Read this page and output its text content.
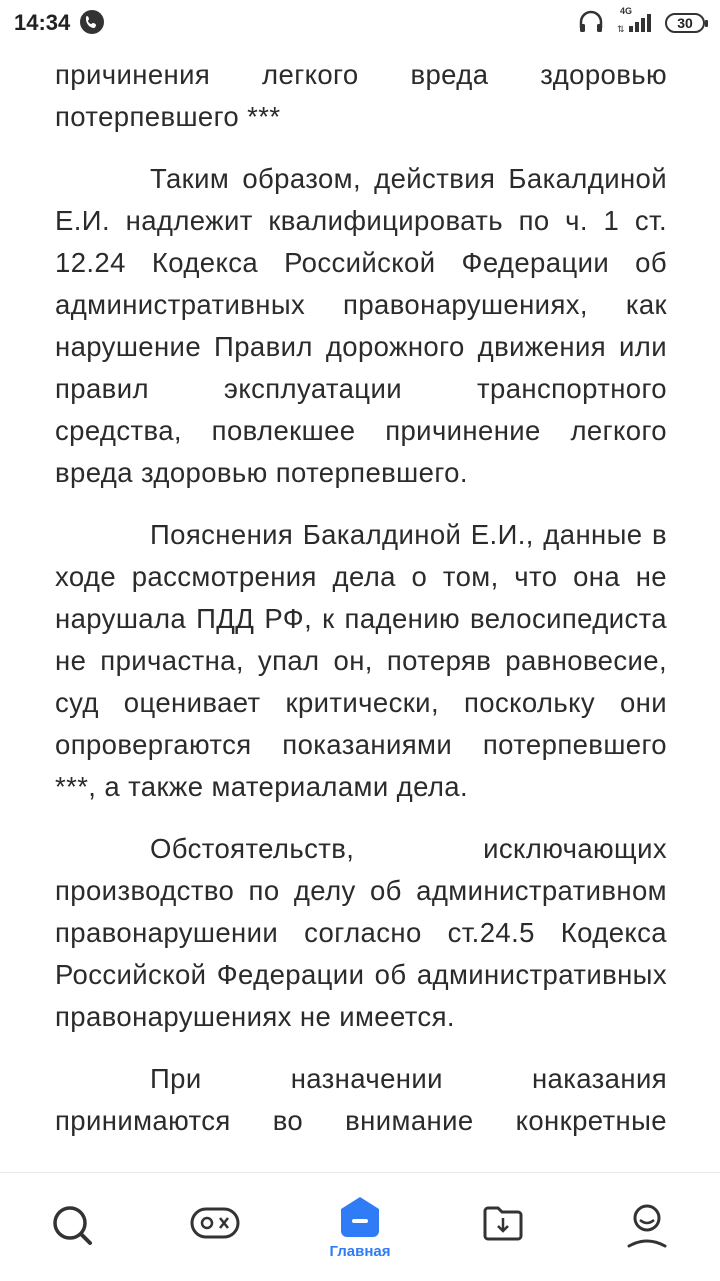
14:34	4G
⇅	30

причинения легкого вреда здоровью потерпевшего ***

Таким образом, действия Бакалдиной Е.И. надлежит квалифицировать по ч. 1 ст. 12.24 Кодекса Российской Федерации об административных правонарушениях, как нарушение Правил дорожного движения или правил эксплуатации транспортного средства, повлекшее причинение легкого вреда здоровью потерпевшего.

Пояснения Бакалдиной Е.И., данные в ходе рассмотрения дела о том, что она не нарушала ПДД РФ, к падению велосипедиста не причастна, упал он, потеряв равновесие, суд оценивает критически, поскольку они опровергаются показаниями потерпевшего ***, а также материалами дела.

Обстоятельств, исключающих производство по делу об административном правонарушении согласно ст.24.5 Кодекса Российской Федерации об административных правонарушениях не имеется.

При назначении наказания принимаются во внимание конкретные

Главная
